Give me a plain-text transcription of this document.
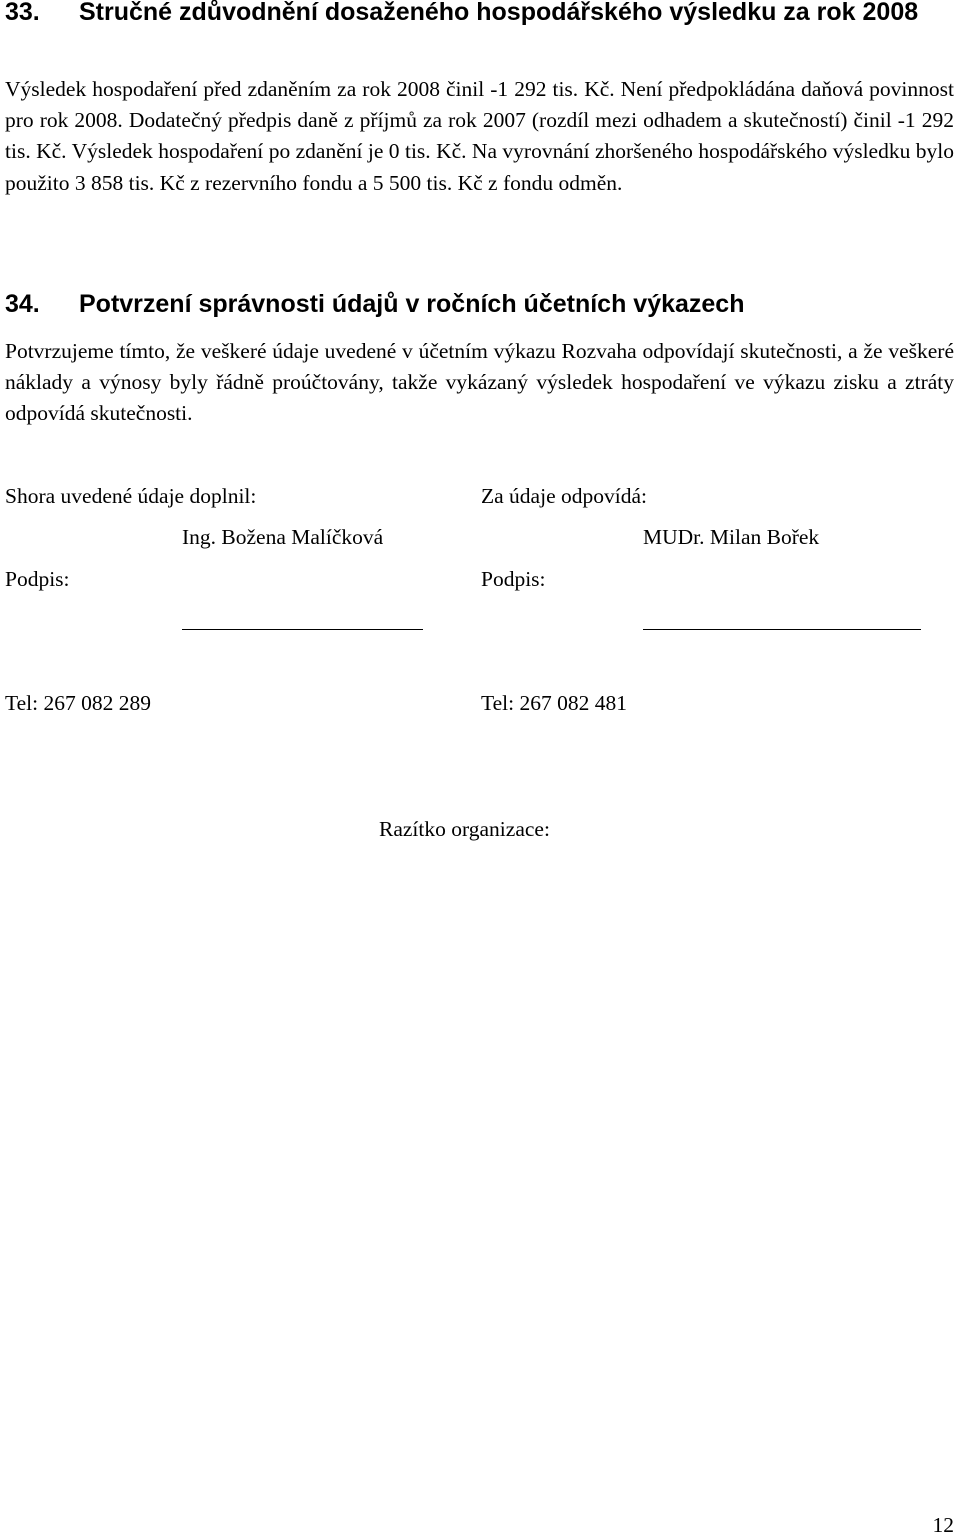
33. Stručné zdůvodnění dosaženého hospodářského výsledku za rok 2008

Výsledek hospodaření před zdaněním za rok 2008 činil -1 292 tis. Kč. Není předpokládána daňová povinnost pro rok 2008. Dodatečný předpis daně z příjmů za rok 2007 (rozdíl mezi odhadem a skutečností) činil -1 292 tis. Kč. Výsledek hospodaření po zdanění je 0 tis. Kč. Na vyrovnání zhoršeného hospodářského výsledku bylo použito 3 858 tis. Kč z rezervního fondu a 5 500 tis. Kč z fondu odměn.

34. Potvrzení správnosti údajů v ročních účetních výkazech

Potvrzujeme tímto, že veškeré údaje uvedené v účetním výkazu Rozvaha odpovídají skutečnosti, a že veškeré náklady a výnosy byly řádně proúčtovány, takže vykázaný výsledek hospodaření ve výkazu zisku a ztráty odpovídá skutečnosti.

Shora uvedené údaje doplnil:
Ing. Božena Malíčková
Podpis:
Tel: 267 082 289
Za údaje odpovídá:
MUDr. Milan Bořek
Podpis:
Tel: 267 082 481
Razítko organizace:
12
